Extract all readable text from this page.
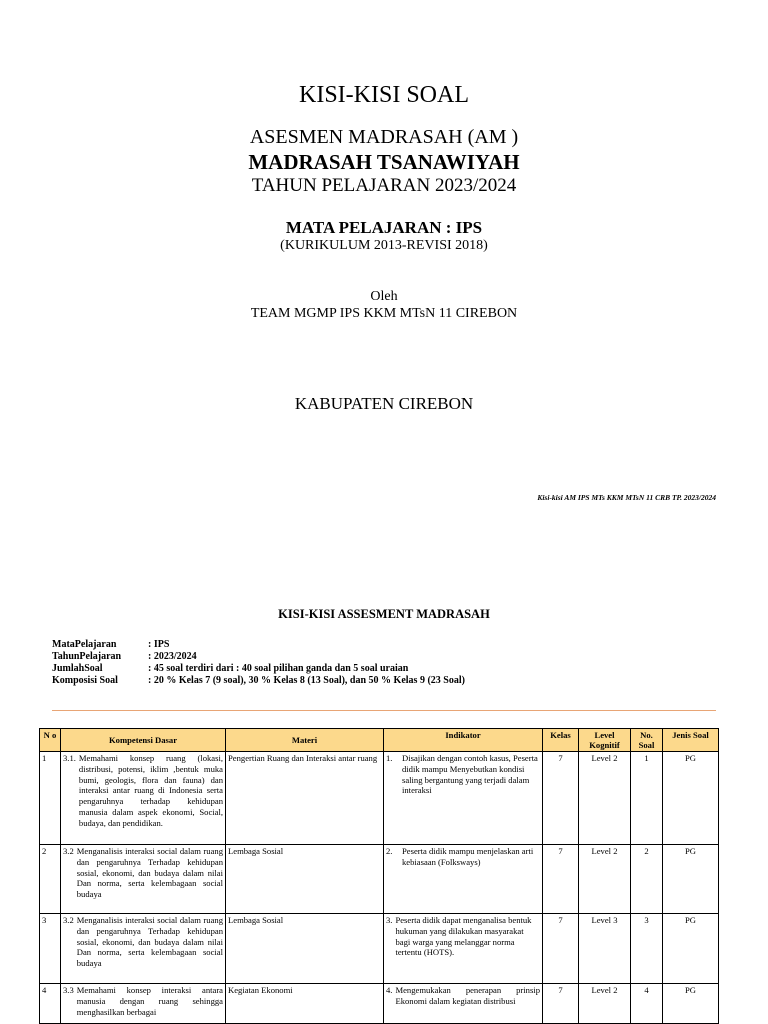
KISI-KISI SOAL
ASESMEN MADRASAH (AM )
MADRASAH TSANAWIYAH
TAHUN PELAJARAN 2023/2024
MATA PELAJARAN : IPS
(KURIKULUM 2013-REVISI 2018)
Oleh
TEAM MGMP IPS KKM MTsN 11 CIREBON
KABUPATEN CIREBON
Kisi-kisi AM IPS MTs KKM MTsN 11 CRB TP. 2023/2024
KISI-KISI ASSESMENT MADRASAH
MataPelajaran	: IPS
TahunPelajaran	: 2023/2024
JumlahSoal	: 45 soal terdiri dari : 40 soal pilihan ganda dan 5 soal uraian
Komposisi Soal	: 20 % Kelas 7 (9 soal), 30 % Kelas 8 (13 Soal), dan 50 % Kelas 9 (23 Soal)
N o	Kompetensi Dasar	Materi	Indikator	Kelas	Level Kognitif	No. Soal	Jenis Soal
1	3.1. Memahami konsep ruang (lokasi, distribusi, potensi, iklim ,bentuk muka bumi, geologis, flora dan fauna) dan interaksi antar ruang di Indonesia serta pengaruhnya terhadap kehidupan manusia dalam aspek ekonomi, Social, budaya, dan pendidikan.	Pengertian Ruang dan Interaksi antar ruang	1. Disajikan dengan contoh kasus, Peserta didik mampu Menyebutkan kondisi saling bergantung yang terjadi dalam interaksi	7	Level 2	1	PG
2	3.2 Menganalisis interaksi social dalam ruang dan pengaruhnya Terhadap kehidupan sosial, ekonomi, dan budaya dalam nilai Dan norma, serta kelembagaan social budaya	Lembaga Sosial	2. Peserta didik mampu menjelaskan arti kebiasaan (Folksways)	7	Level 2	2	PG
3	3.2 Menganalisis interaksi social dalam ruang dan pengaruhnya Terhadap kehidupan sosial, ekonomi, dan budaya dalam nilai Dan norma, serta kelembagaan social budaya	Lembaga Sosial	3. Peserta didik dapat menganalisa bentuk hukuman yang dilakukan masyarakat bagi warga yang melanggar norma tertentu (HOTS).	7	Level 3	3	PG
4	3.3 Memahami konsep interaksi antara manusia dengan ruang sehingga menghasilkan berbagai	Kegiatan Ekonomi	4. Mengemukakan penerapan prinsip Ekonomi dalam kegiatan distribusi	7	Level 2	4	PG
